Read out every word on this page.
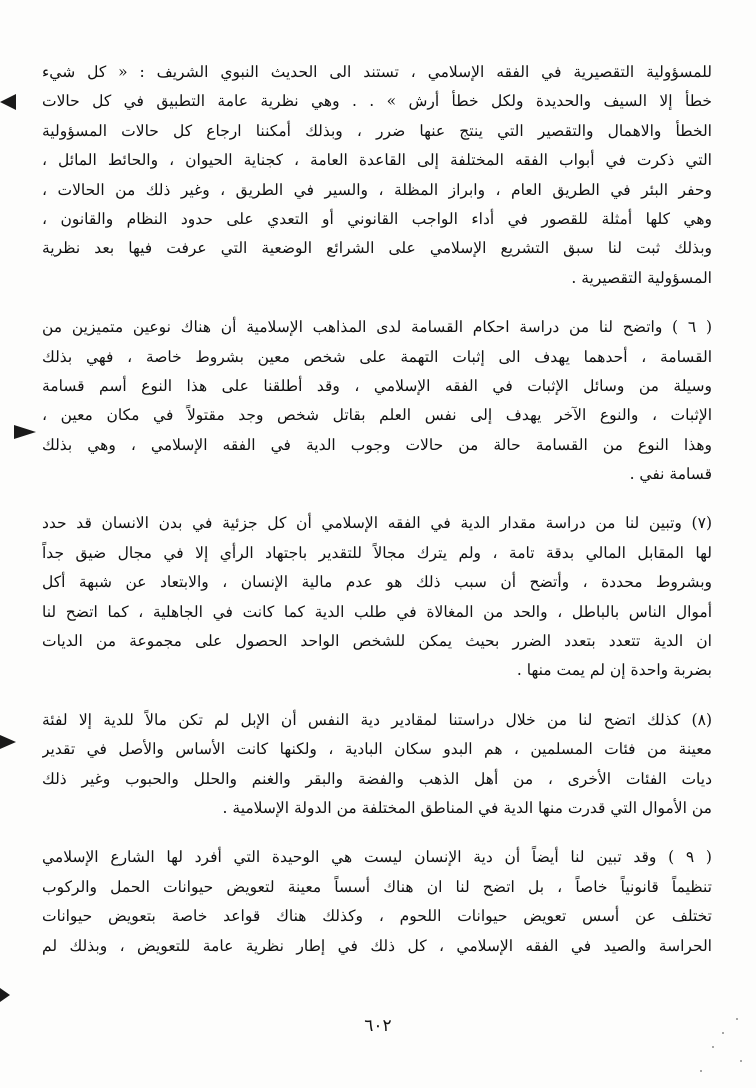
للمسؤولية التقصيرية في الفقه الإسلامي ، تستند الى الحديث النبوي الشريف : « كل شيء
خطأ إلا السيف والحديدة ولكل خطأ أرش » . . وهي نظرية عامة التطبيق في كل حالات
الخطأ والاهمال والتقصير التي ينتج عنها ضرر ، وبذلك أمكننا ارجاع كل حالات المسؤولية
التي ذكرت في أبواب الفقه المختلفة إلى القاعدة العامة ، كجناية الحيوان ، والحائط المائل ،
وحفر البئر في الطريق العام ، وابراز المظلة ، والسير في الطريق ، وغير ذلك من الحالات ،
وهي كلها أمثلة للقصور في أداء الواجب القانوني أو التعدي على حدود النظام والقانون ،
وبذلك ثبت لنا سبق التشريع الإسلامي على الشرائع الوضعية التي عرفت فيها بعد نظرية
المسؤولية التقصيرية .
( ٦ ) واتضح لنا من دراسة احكام القسامة لدى المذاهب الإسلامية أن هناك نوعين متميزين من
القسامة ، أحدهما يهدف الى إثبات التهمة على شخص معين بشروط خاصة ، فهي بذلك
وسيلة من وسائل الإثبات في الفقه الإسلامي ، وقد أطلقنا على هذا النوع أسم قسامة
الإثبات ، والنوع الآخر يهدف إلى نفس العلم بقاتل شخص وجد مقتولاً في مكان معين ،
وهذا النوع من القسامة حالة من حالات وجوب الدية في الفقه الإسلامي ، وهي بذلك
قسامة نفي .
(٧) وتبين لنا من دراسة مقدار الدية في الفقه الإسلامي أن كل جزئية في بدن الانسان قد حدد
لها المقابل المالي بدقة تامة ، ولم يترك مجالاً للتقدير باجتهاد الرأي إلا في مجال ضيق جداً
وبشروط محددة ، وأتضح أن سبب ذلك هو عدم مالية الإنسان ، والابتعاد عن شبهة أكل
أموال الناس بالباطل ، والحد من المغالاة في طلب الدية كما كانت في الجاهلية ، كما اتضح لنا
ان الدية تتعدد بتعدد الضرر بحيث يمكن للشخص الواحد الحصول على مجموعة من الديات
بضربة واحدة إن لم يمت منها .
(٨) كذلك اتضح لنا من خلال دراستنا لمقادير دية النفس أن الإبل لم تكن مالاً للدية إلا لفئة
معينة من فئات المسلمين ، هم البدو سكان البادية ، ولكنها كانت الأساس والأصل في تقدير
ديات الفئات الأخرى ، من أهل الذهب والفضة والبقر والغنم والحلل والحبوب وغير ذلك
من الأموال التي قدرت منها الدية في المناطق المختلفة من الدولة الإسلامية .
( ٩ ) وقد تبين لنا أيضاً أن دية الإنسان ليست هي الوحيدة التي أفرد لها الشارع الإسلامي
تنظيماً قانونياً خاصاً ، بل اتضح لنا ان هناك أسساً معينة لتعويض حيوانات الحمل والركوب
تختلف عن أسس تعويض حيوانات اللحوم ، وكذلك هناك قواعد خاصة بتعويض حيوانات
الحراسة والصيد في الفقه الإسلامي ، كل ذلك في إطار نظرية عامة للتعويض ، وبذلك لم
٦٠٢
